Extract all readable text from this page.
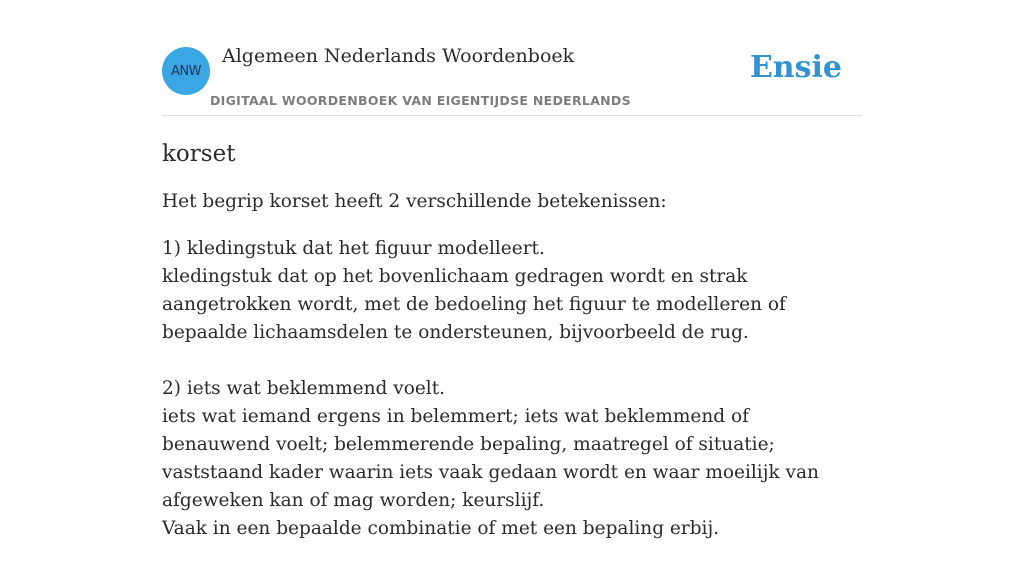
ANW
Algemeen Nederlands Woordenboek
DIGITAAL WOORDENBOEK VAN EIGENTIJDSE NEDERLANDS
Ensie
korset

Het begrip korset heeft 2 verschillende betekenissen:

1) kledingstuk dat het figuur modelleert.
kledingstuk dat op het bovenlichaam gedragen wordt en strak aangetrokken wordt, met de bedoeling het figuur te modelleren of bepaalde lichaamsdelen te ondersteunen, bijvoorbeeld de rug.
2) iets wat beklemmend voelt.
iets wat iemand ergens in belemmert; iets wat beklemmend of benauwend voelt; belemmerende bepaling, maatregel of situatie; vaststaand kader waarin iets vaak gedaan wordt en waar moeilijk van afgeweken kan of mag worden; keurslijf.
Vaak in een bepaalde combinatie of met een bepaling erbij.
